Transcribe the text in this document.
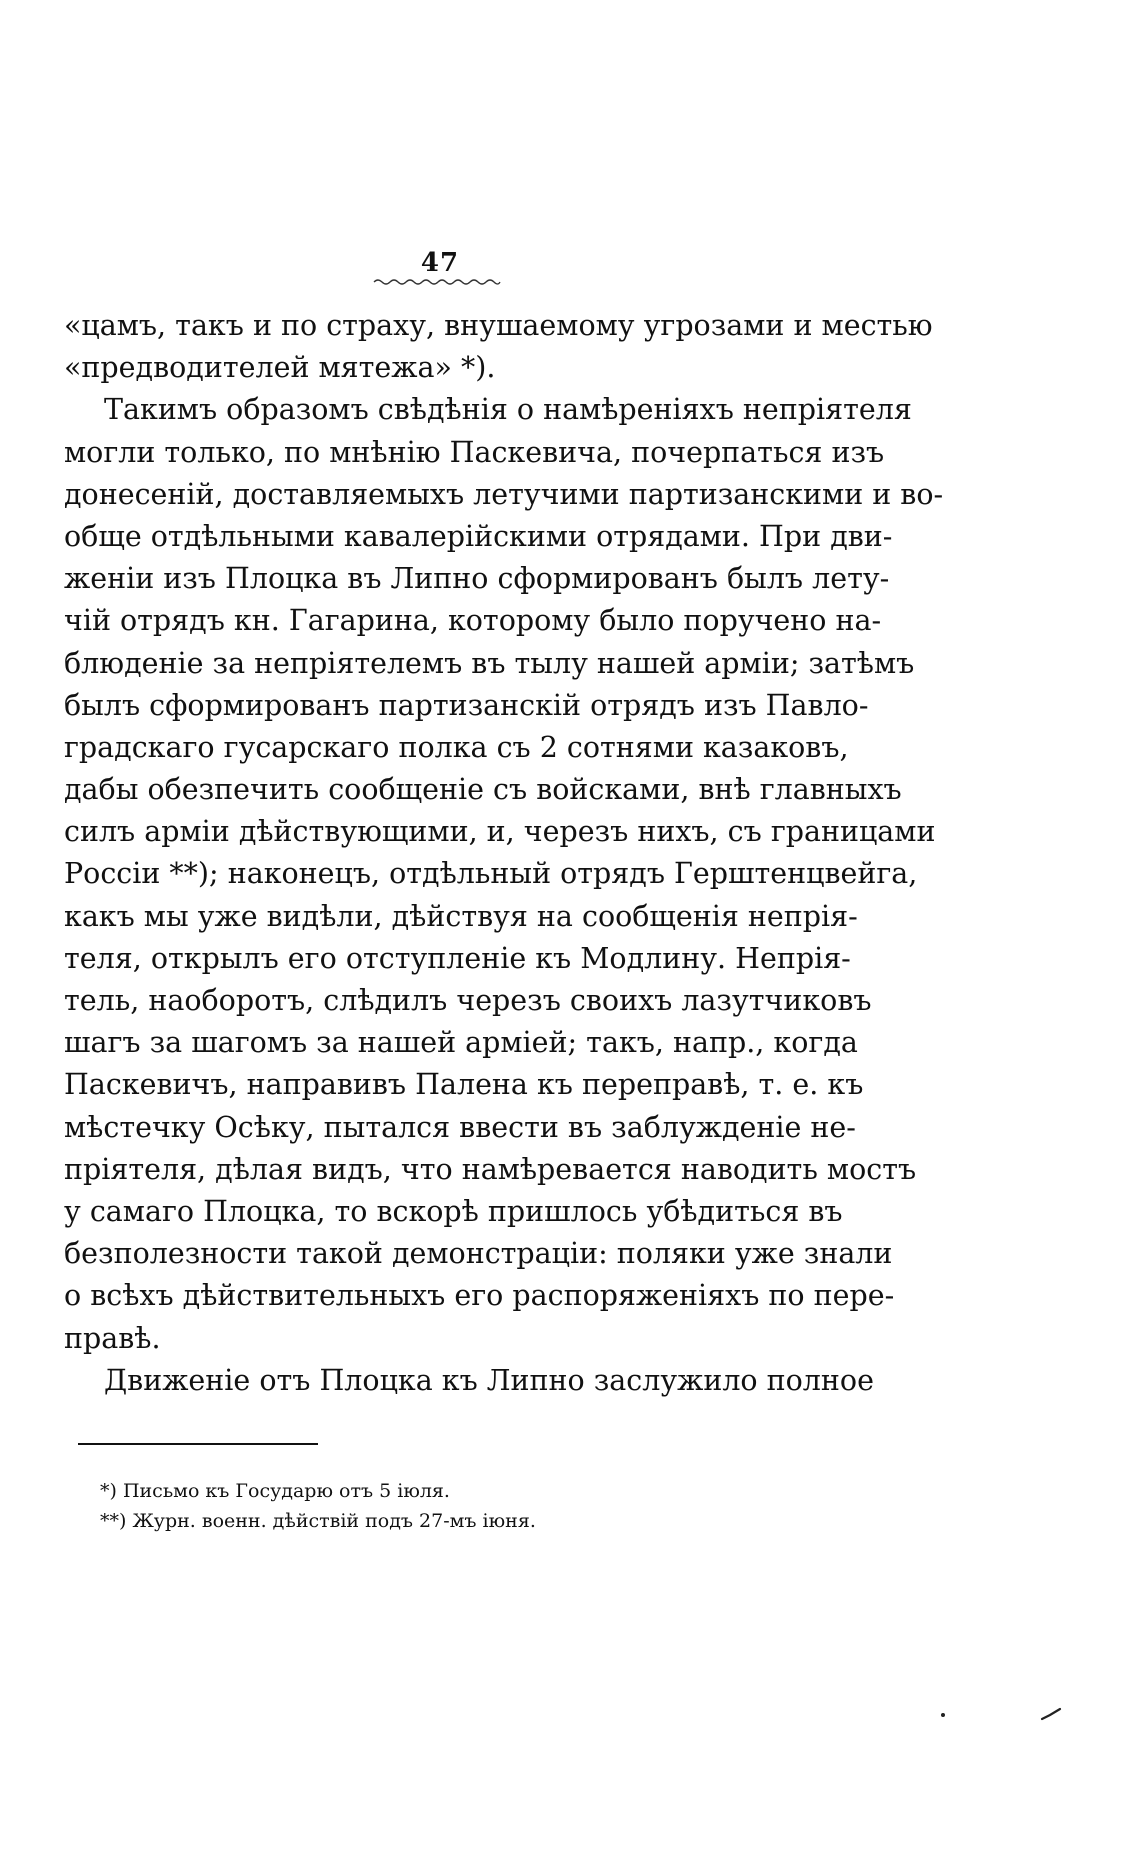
47
«цамъ, такъ и по страху, внушаемому угрозами и местью
«предводителей мятежа» *).
Такимъ образомъ свѣдѣнія о намѣреніяхъ непріятеля
могли только, по мнѣнію Паскевича, почерпаться изъ
донесеній, доставляемыхъ летучими партизанскими и во-
обще отдѣльными кавалерійскими отрядами. При дви-
женіи изъ Плоцка въ Липно сформированъ былъ лету-
чій отрядъ кн. Гагарина, которому было поручено на-
блюденіе за непріятелемъ въ тылу нашей арміи; затѣмъ
былъ сформированъ партизанскій отрядъ изъ Павло-
градскаго гусарскаго полка съ 2 сотнями казаковъ,
дабы обезпечить сообщеніе съ войсками, внѣ главныхъ
силъ арміи дѣйствующими, и, черезъ нихъ, съ границами
Россіи **); наконецъ, отдѣльный отрядъ Герштенцвейга,
какъ мы уже видѣли, дѣйствуя на сообщенія непрія-
теля, открылъ его отступленіе къ Модлину. Непрія-
тель, наоборотъ, слѣдилъ черезъ своихъ лазутчиковъ
шагъ за шагомъ за нашей арміей; такъ, напр., когда
Паскевичъ, направивъ Палена къ переправѣ, т. е. къ
мѣстечку Осѣку, пытался ввести въ заблужденіе не-
пріятеля, дѣлая видъ, что намѣревается наводить мостъ
у самаго Плоцка, то вскорѣ пришлось убѣдиться въ
безполезности такой демонстраціи: поляки уже знали
о всѣхъ дѣйствительныхъ его распоряженіяхъ по пере-
правѣ.
Движеніе отъ Плоцка къ Липно заслужило полное
*) Письмо къ Государю отъ 5 іюля.
**) Журн. военн. дѣйствій подъ 27-мъ іюня.
